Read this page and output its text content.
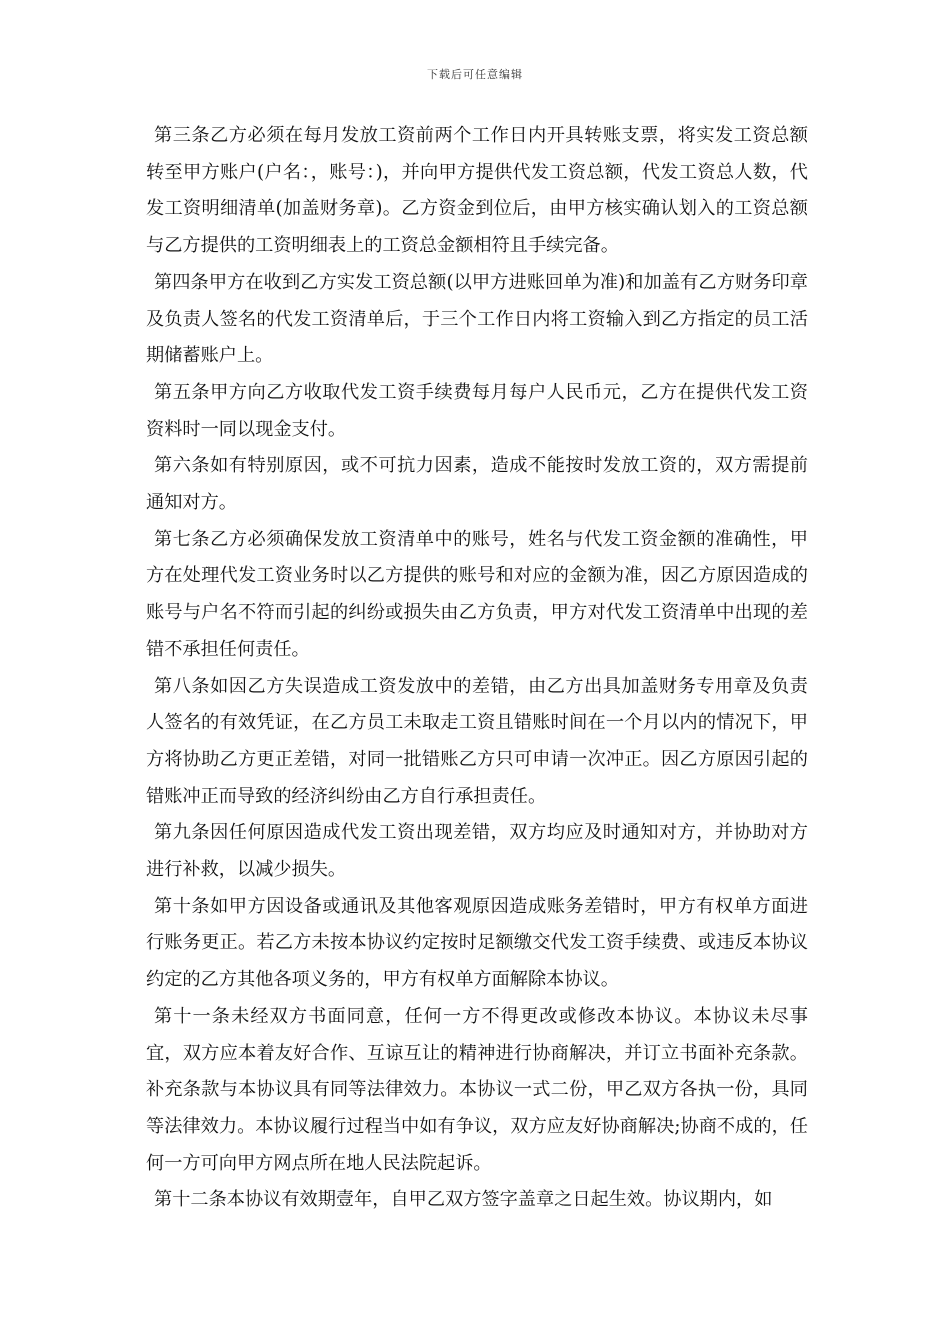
下载后可任意编辑

第三条乙方必须在每月发放工资前两个工作日内开具转账支票，将实发工资总额转至甲方账户(户名：，账号：)，并向甲方提供代发工资总额，代发工资总人数，代发工资明细清单(加盖财务章)。乙方资金到位后，由甲方核实确认划入的工资总额与乙方提供的工资明细表上的工资总金额相符且手续完备。

第四条甲方在收到乙方实发工资总额(以甲方进账回单为准)和加盖有乙方财务印章及负责人签名的代发工资清单后，于三个工作日内将工资输入到乙方指定的员工活期储蓄账户上。

第五条甲方向乙方收取代发工资手续费每月每户人民币元，乙方在提供代发工资资料时一同以现金支付。

第六条如有特别原因，或不可抗力因素，造成不能按时发放工资的，双方需提前通知对方。

第七条乙方必须确保发放工资清单中的账号，姓名与代发工资金额的准确性，甲方在处理代发工资业务时以乙方提供的账号和对应的金额为准，因乙方原因造成的账号与户名不符而引起的纠纷或损失由乙方负责，甲方对代发工资清单中出现的差错不承担任何责任。

第八条如因乙方失误造成工资发放中的差错，由乙方出具加盖财务专用章及负责人签名的有效凭证，在乙方员工未取走工资且错账时间在一个月以内的情况下，甲方将协助乙方更正差错，对同一批错账乙方只可申请一次冲正。因乙方原因引起的错账冲正而导致的经济纠纷由乙方自行承担责任。

第九条因任何原因造成代发工资出现差错，双方均应及时通知对方，并协助对方进行补救，以减少损失。

第十条如甲方因设备或通讯及其他客观原因造成账务差错时，甲方有权单方面进行账务更正。若乙方未按本协议约定按时足额缴交代发工资手续费、或违反本协议约定的乙方其他各项义务的，甲方有权单方面解除本协议。

第十一条未经双方书面同意，任何一方不得更改或修改本协议。本协议未尽事宜，双方应本着友好合作、互谅互让的精神进行协商解决，并订立书面补充条款。补充条款与本协议具有同等法律效力。本协议一式二份，甲乙双方各执一份，具同等法律效力。本协议履行过程当中如有争议，双方应友好协商解决;协商不成的，任何一方可向甲方网点所在地人民法院起诉。

第十二条本协议有效期壹年，自甲乙双方签字盖章之日起生效。协议期内，如
